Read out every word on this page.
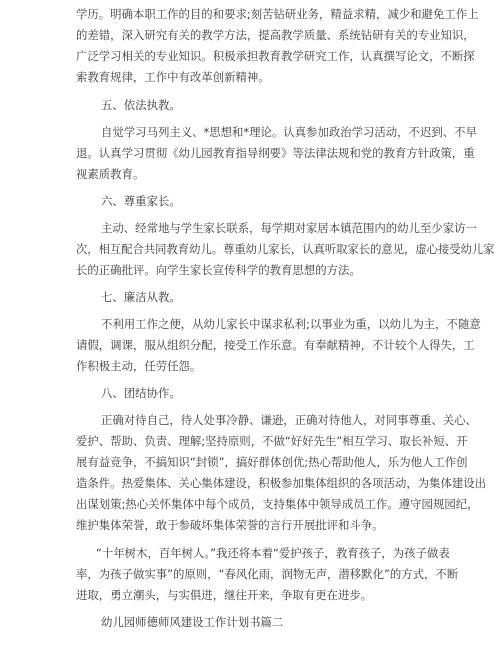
学历。明确本职工作的目的和要求;刻苦钻研业务，精益求精，减少和避免工作上

的差错，深入研究有关的教学方法，提高教学质量、系统钻研有关的专业知识，

广泛学习相关的专业知识。积极承担教育教学研究工作，认真撰写论文，不断探

索教育规律，工作中有改革创新精神。

五、依法执教。

自觉学习马列主义、*思想和*理论。认真参加政治学习活动，不迟到、不早

退。认真学习贯彻《幼儿园教育指导纲要》等法律法规和党的教育方针政策，重

视素质教育。

六、尊重家长。

主动、经常地与学生家长联系，每学期对家居本镇范围内的幼儿至少家访一

次，相互配合共同教育幼儿。尊重幼儿家长，认真听取家长的意见，虚心接受幼儿家

长的正确批评。向学生家长宣传科学的教育思想的方法。

七、廉洁从教。

不利用工作之便，从幼儿家长中谋求私利;以事业为重，以幼儿为主，不随意

请假，调课，服从组织分配，接受工作乐意。有奉献精神，不计较个人得失，工

作积极主动，任劳任怨。

八、团结协作。

正确对待自己，待人处事冷静、谦逊，正确对待他人，对同事尊重、关心、

爱护、帮助、负责、理解;坚持原则，不做“好好先生”相互学习、取长补短、开

展有益竞争，不搞知识“封锁”，搞好群体创优;热心帮助他人，乐为他人工作创

造条件。热爱集体、关心集体建设，积极参加集体组织的各项活动，为集体建设出

出谋划策;热心关怀集体中每个成员，支持集体中领导成员工作。遵守园规园纪，

维护集体荣誉，敢于参破坏集体荣誉的言行开展批评和斗争。

“十年树木，百年树人。”我还将本着“爱护孩子，教育孩子，为孩子做表

率，为孩子做实事”的原则，“春风化雨，润物无声，潜移默化”的方式，不断

进取，勇立潮头，与实俱进，继往开来，争取有更在进步。

幼儿园师德师风建设工作计划书篇二
